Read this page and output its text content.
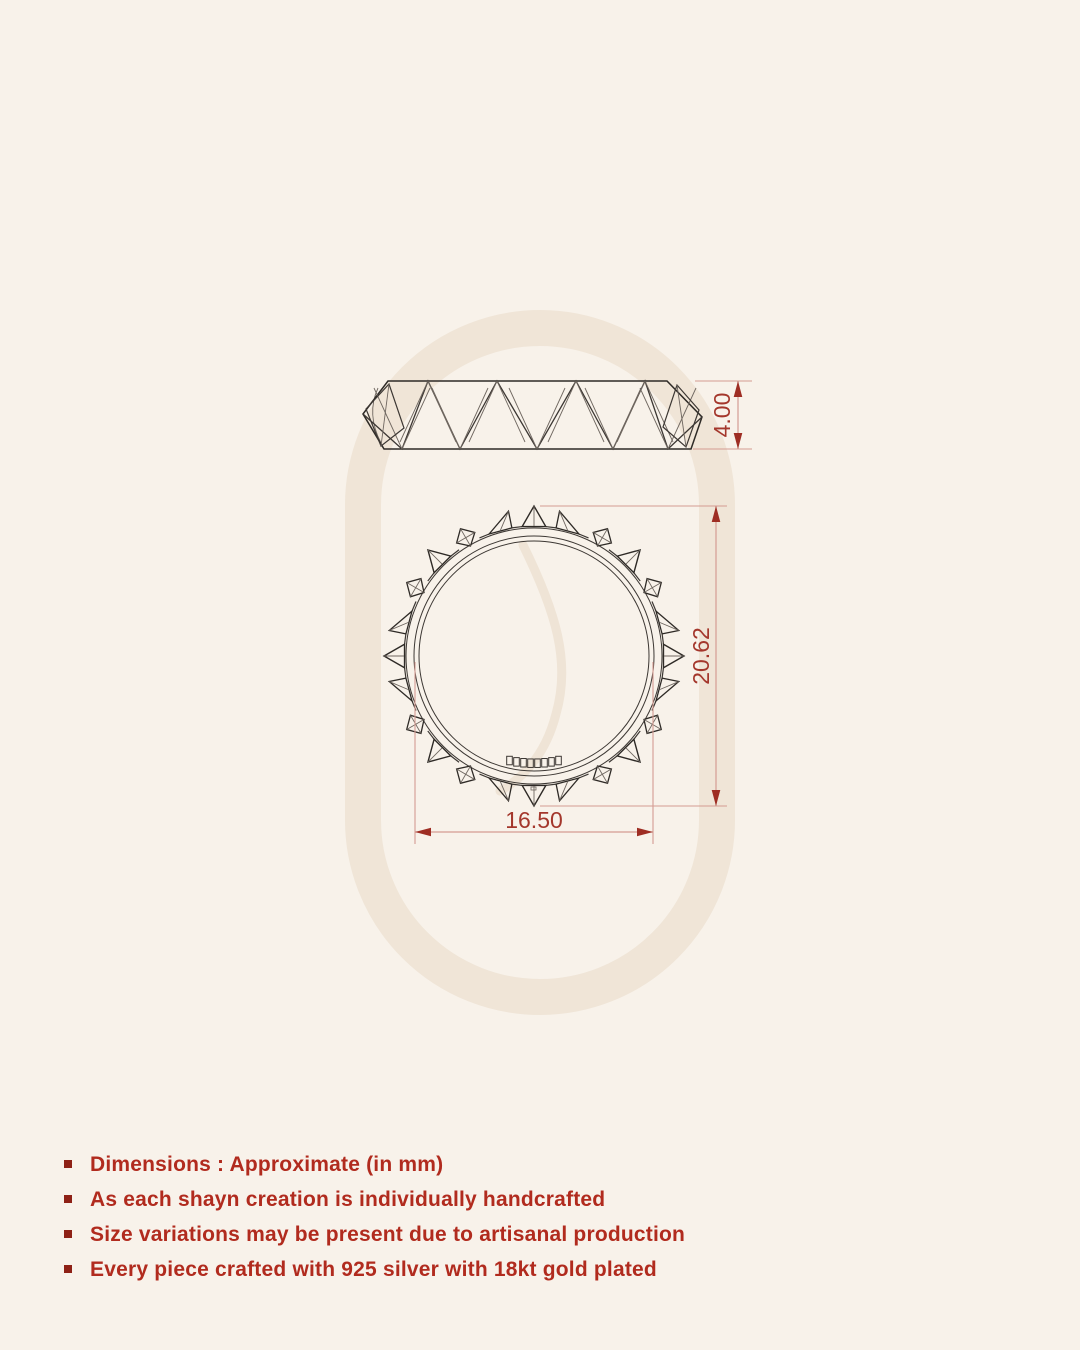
4.00
20.62
16.50
Dimensions : Approximate (in mm)
As each shayn creation is individually handcrafted
Size variations may be present due to artisanal production
Every piece crafted with 925 silver with 18kt gold plated
